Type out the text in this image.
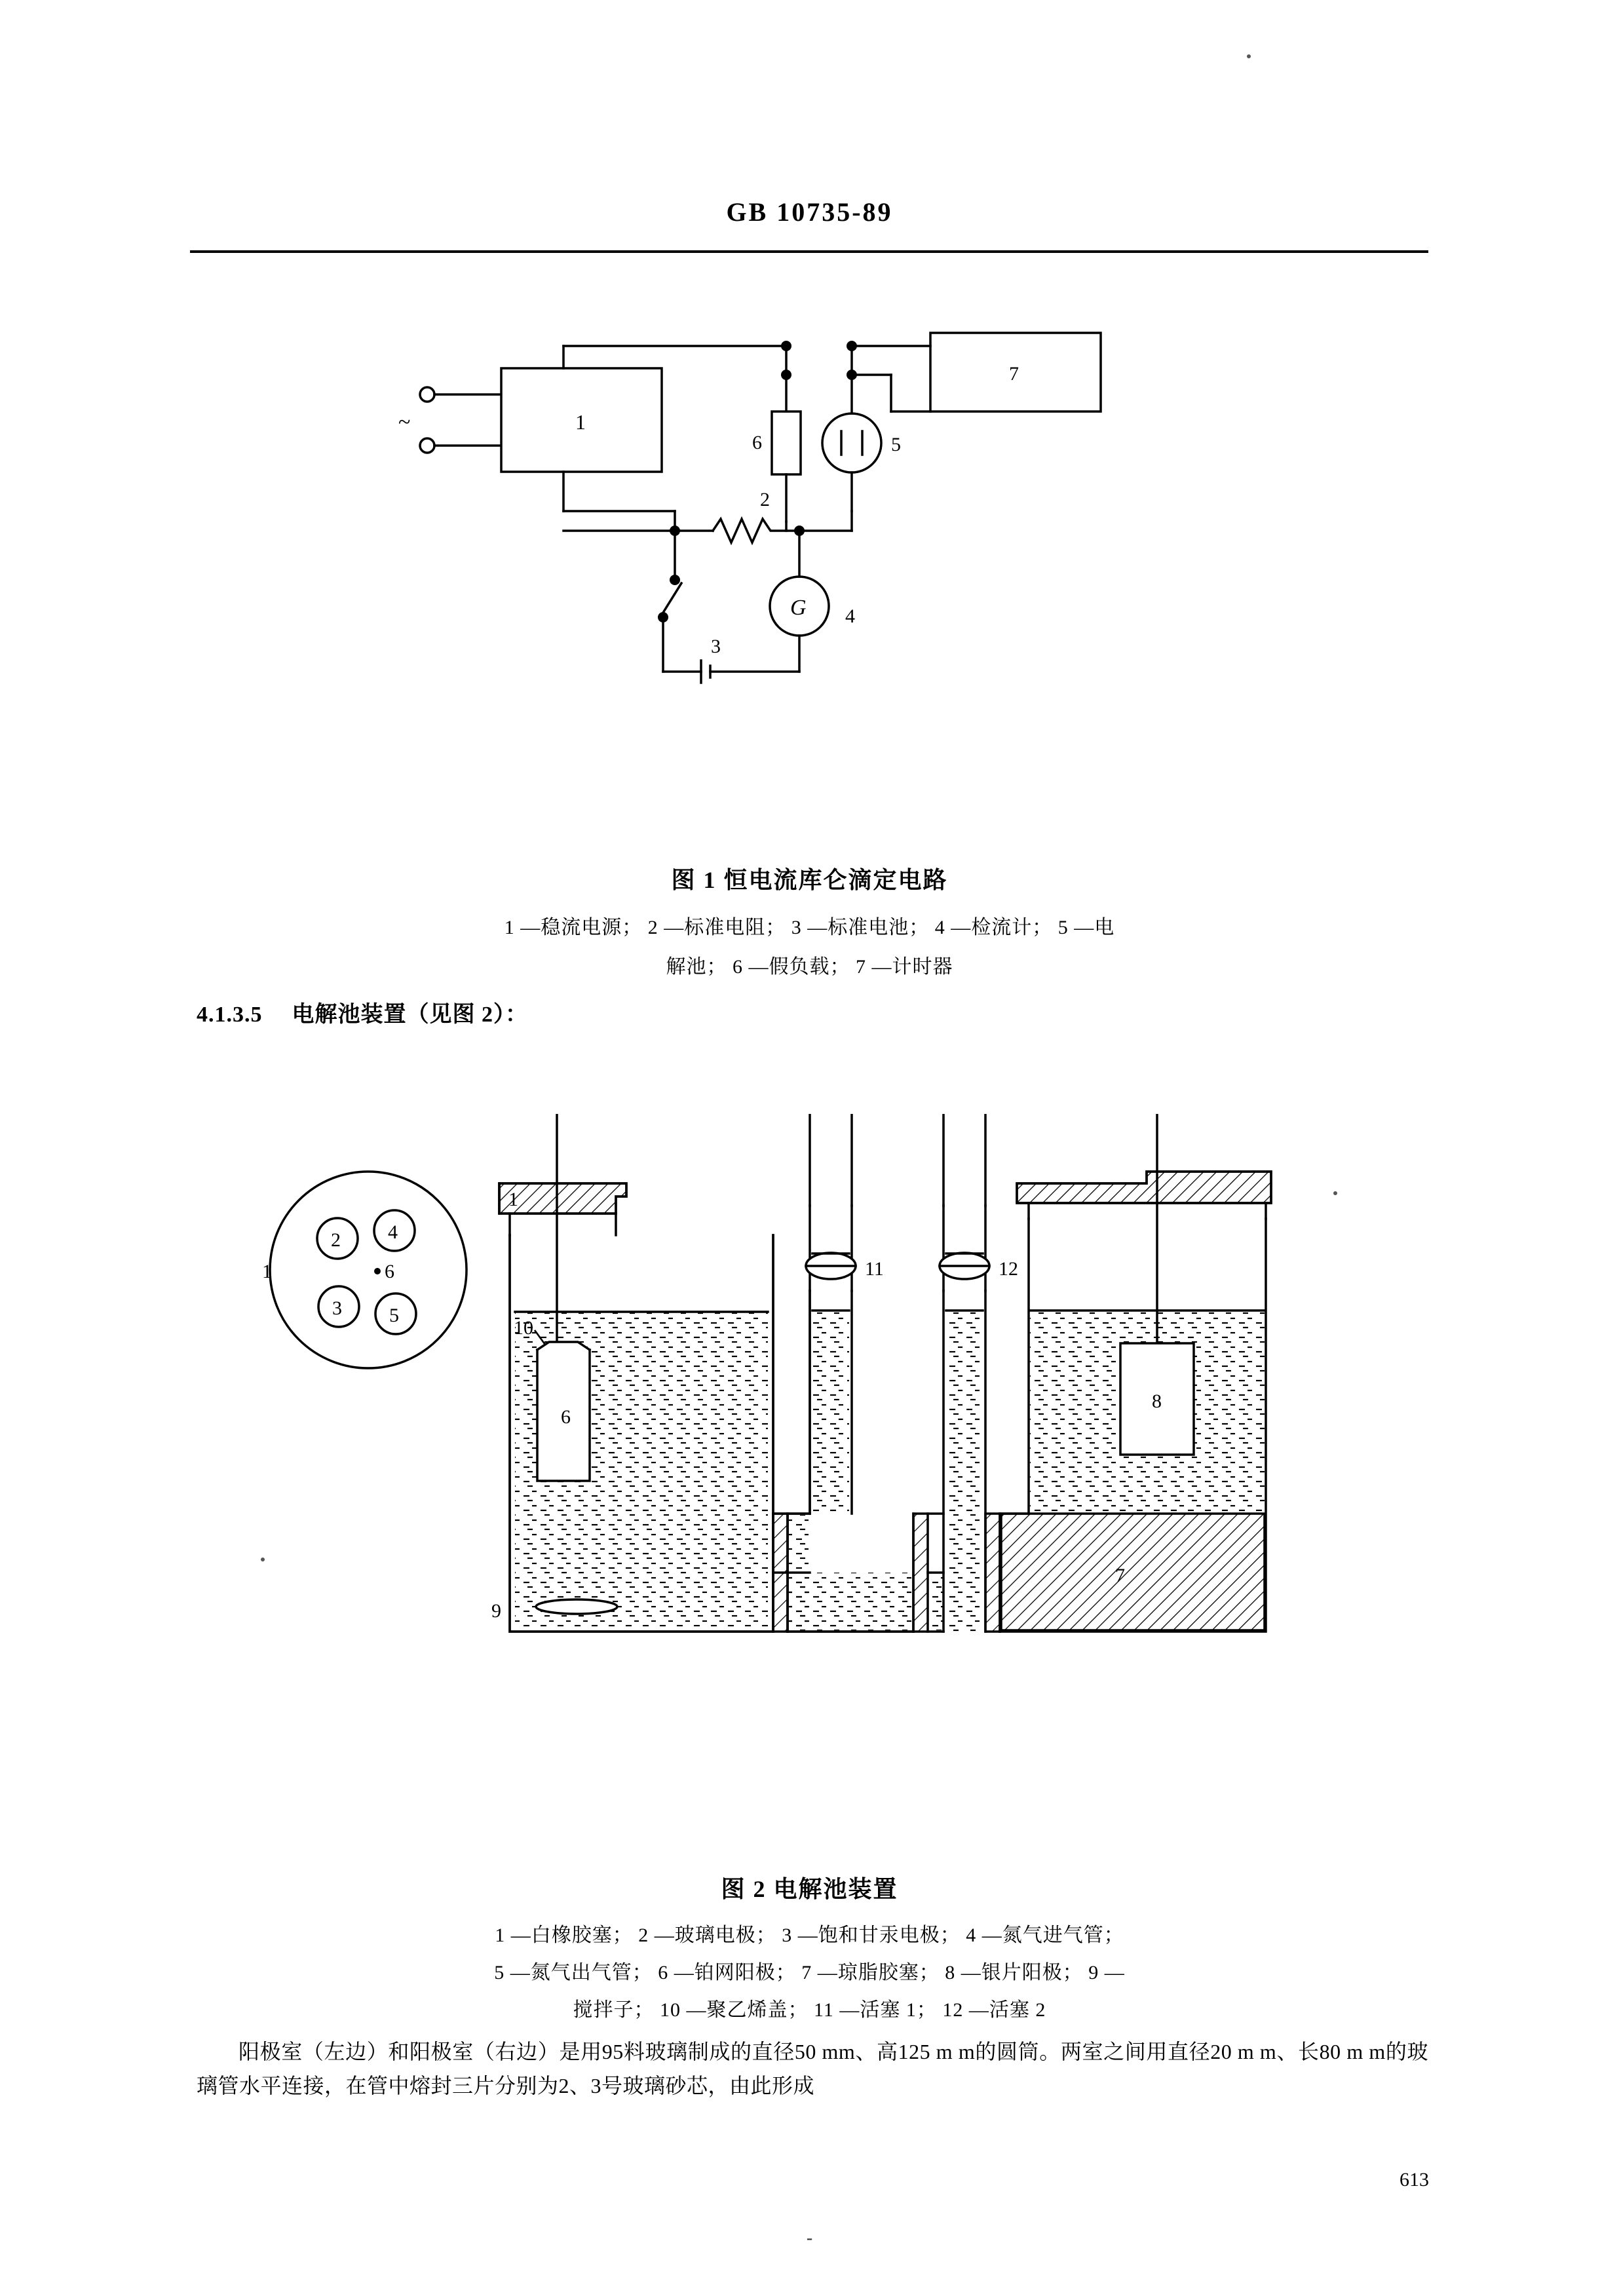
GB 10735-89
6	5
7
2
G 4
3
1
~
图 1 恒电流库仑滴定电路
1 —稳流电源； 2 —标准电阻； 3 —标准电池； 4 —检流计； 5 —电
解池； 6 —假负载； 7 —计时器
4.1.3.5 电解池装置（见图 2）：
2 4
3 5
6
1
1
10
6
9
11	12
8
7
图 2 电解池装置
1 —白橡胶塞； 2 —玻璃电极； 3 —饱和甘汞电极； 4 —氮气进气管；
5 —氮气出气管； 6 —铂网阳极； 7 —琼脂胶塞； 8 —银片阳极； 9 —
搅拌子； 10 —聚乙烯盖； 11 —活塞 1； 12 —活塞 2
阳极室（左边）和阳极室（右边）是用95料玻璃制成的直径50 mm、高125 m m的圆筒。两室之间用直径20 m m、长80 m m的玻璃管水平连接，在管中熔封三片分别为2、3号玻璃砂芯，由此形成
613
-
